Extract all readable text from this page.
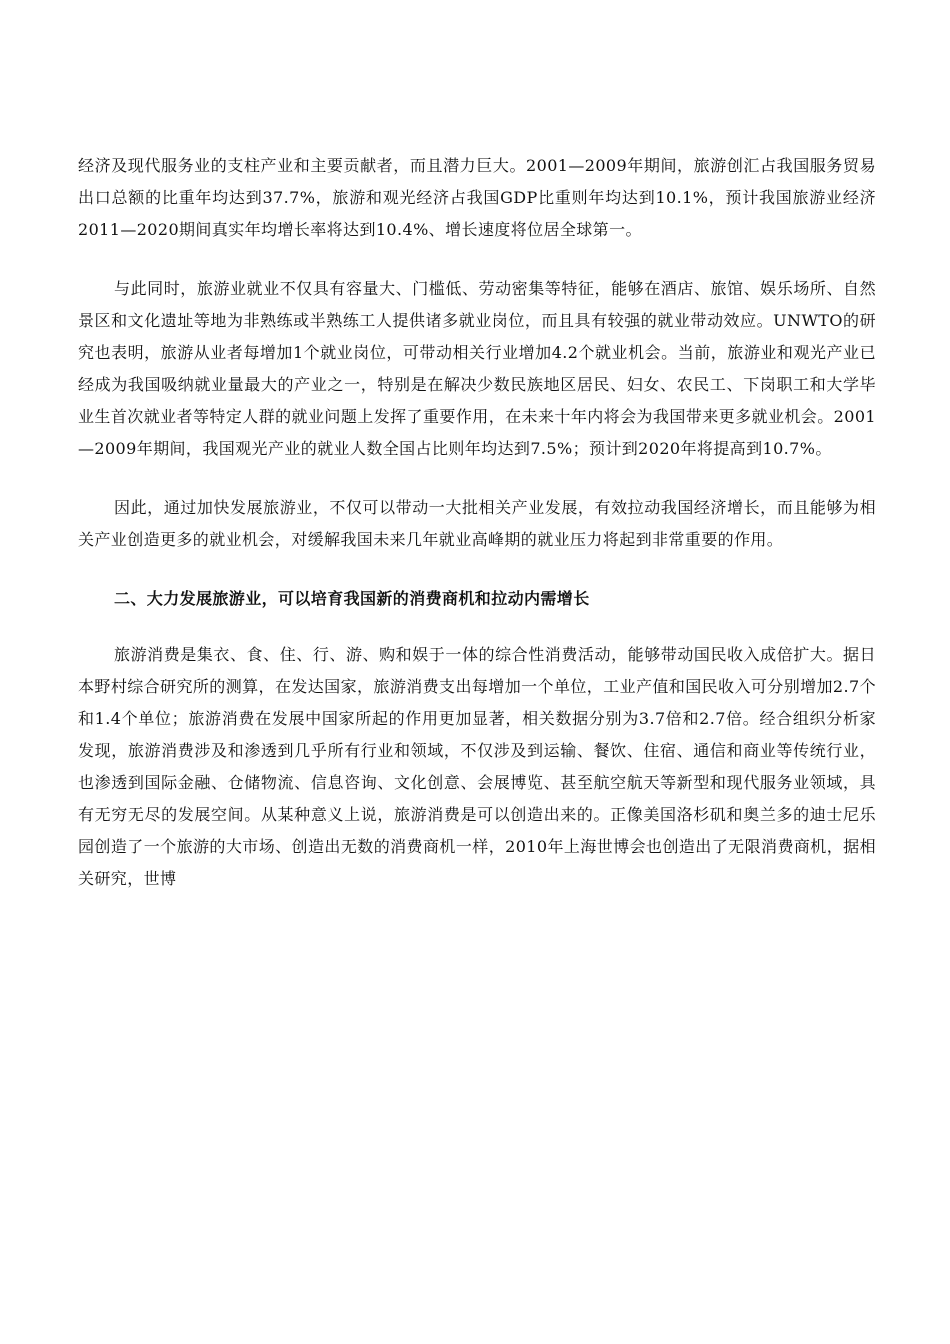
经济及现代服务业的支柱产业和主要贡献者，而且潜力巨大。2001—2009年期间，旅游创汇占我国服务贸易出口总额的比重年均达到37.7%，旅游和观光经济占我国GDP比重则年均达到10.1%，预计我国旅游业经济2011—2020期间真实年均增长率将达到10.4%、增长速度将位居全球第一。

与此同时，旅游业就业不仅具有容量大、门槛低、劳动密集等特征，能够在酒店、旅馆、娱乐场所、自然景区和文化遗址等地为非熟练或半熟练工人提供诸多就业岗位，而且具有较强的就业带动效应。UNWTO的研究也表明，旅游从业者每增加1个就业岗位，可带动相关行业增加4.2个就业机会。当前，旅游业和观光产业已经成为我国吸纳就业量最大的产业之一，特别是在解决少数民族地区居民、妇女、农民工、下岗职工和大学毕业生首次就业者等特定人群的就业问题上发挥了重要作用，在未来十年内将会为我国带来更多就业机会。2001—2009年期间，我国观光产业的就业人数全国占比则年均达到7.5%；预计到2020年将提高到10.7%。

因此，通过加快发展旅游业，不仅可以带动一大批相关产业发展，有效拉动我国经济增长，而且能够为相关产业创造更多的就业机会，对缓解我国未来几年就业高峰期的就业压力将起到非常重要的作用。

二、大力发展旅游业，可以培育我国新的消费商机和拉动内需增长

旅游消费是集衣、食、住、行、游、购和娱于一体的综合性消费活动，能够带动国民收入成倍扩大。据日本野村综合研究所的测算，在发达国家，旅游消费支出每增加一个单位，工业产值和国民收入可分别增加2.7个和1.4个单位；旅游消费在发展中国家所起的作用更加显著，相关数据分别为3.7倍和2.7倍。经合组织分析家发现，旅游消费涉及和渗透到几乎所有行业和领域，不仅涉及到运输、餐饮、住宿、通信和商业等传统行业，也渗透到国际金融、仓储物流、信息咨询、文化创意、会展博览、甚至航空航天等新型和现代服务业领域，具有无穷无尽的发展空间。从某种意义上说，旅游消费是可以创造出来的。正像美国洛杉矶和奥兰多的迪士尼乐园创造了一个旅游的大市场、创造出无数的消费商机一样，2010年上海世博会也创造出了无限消费商机，据相关研究，世博
